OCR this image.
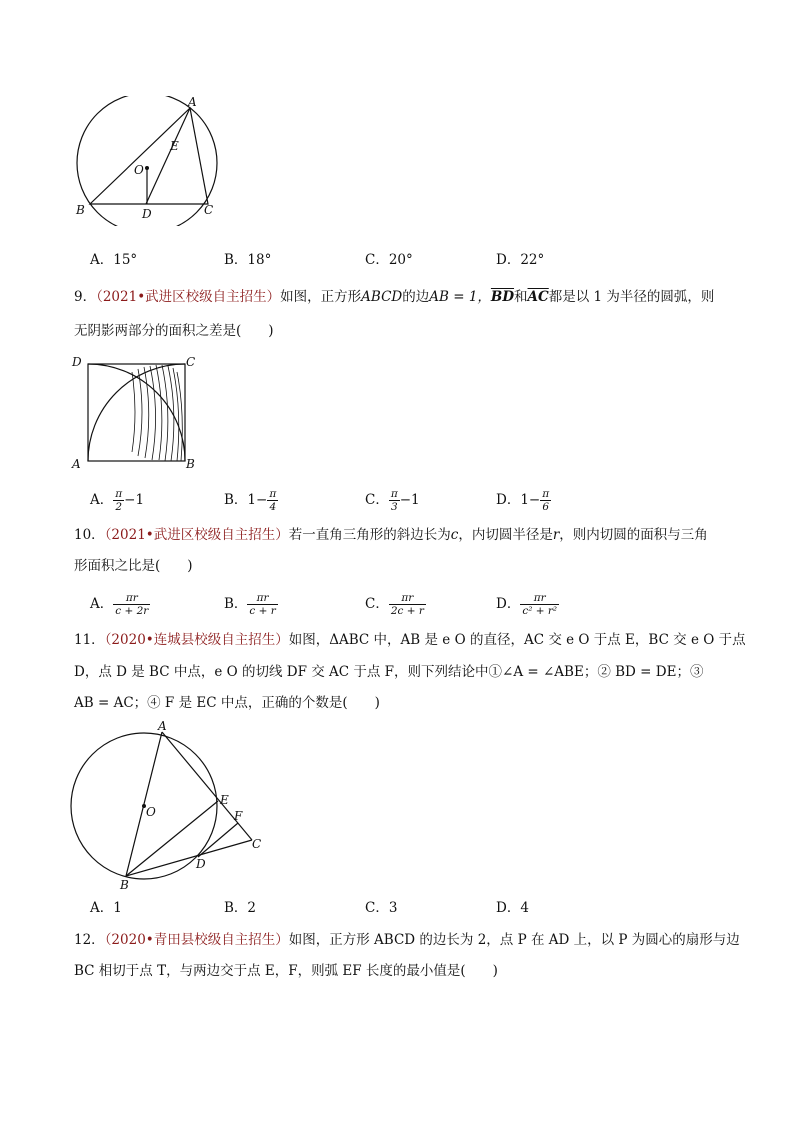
A
E
O
B	D	C
A．15°	B．18°	C．20°	D．22°
9．（2021•武进区校级自主招生）如图，正方形ABCD的边AB = 1，$\overline{BD}$和$\overline{AC}$都是以 1 为半径的圆弧，则
无阴影两部分的面积之差是(　　)
D	C
A	B
A． $\frac{\pi}{2} -1$	B．$1- \frac{\pi}{4}$	C． $\frac{\pi}{3} -1$	D．$1- \frac{\pi}{6}$
10．（2021•武进区校级自主招生）若一直角三角形的斜边长为c，内切圆半径是r，则内切圆的面积与三角
形面积之比是(　　)
A． $\frac{\pi r}{c + 2r}$	B． $\frac{\pi r}{c + r}$	C． $\frac{\pi r}{2c + r}$	D． $\frac{\pi r}{\text{c² + r²}}$
11．（2020•连城县校级自主招生）如图，ΔABC 中，AB 是 e O 的直径，AC 交 e O 于点 E，BC 交 e O 于点
D，点 D 是 BC 中点，e O 的切线 DF 交 AC 于点 F，则下列结论中①∠A = ∠ABE；② BD = DE；③
AB = AC；④ F 是 EC 中点，正确的个数是(　　)
A
E
F
C
D
O
B
A．1	B．2	C．3	D．4
12．（2020•青田县校级自主招生）如图，正方形 ABCD 的边长为 2，点 P 在 AD 上，以 P 为圆心的扇形与边
BC 相切于点 T，与两边交于点 E，F，则弧 EF 长度的最小值是(　　)
